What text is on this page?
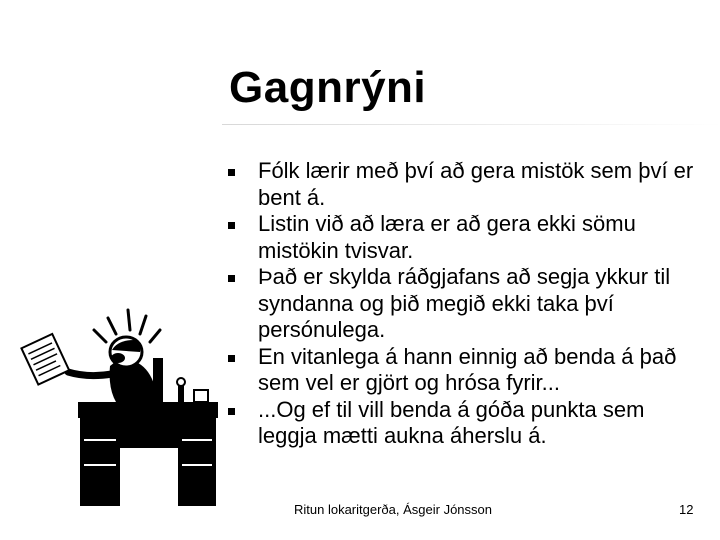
Gagnrýni
Fólk lærir með því að gera mistök sem því er bent á.
Listin við að læra er að gera ekki sömu mistökin tvisvar.
Það er skylda ráðgjafans að segja ykkur til syndanna og þið megið ekki taka því persónulega.
En vitanlega á hann einnig að benda á það sem vel er gjört og hrósa fyrir...
...Og ef til vill benda á góða punkta sem leggja mætti aukna áherslu á.
Ritun lokaritgerða, Ásgeir Jónsson	12
